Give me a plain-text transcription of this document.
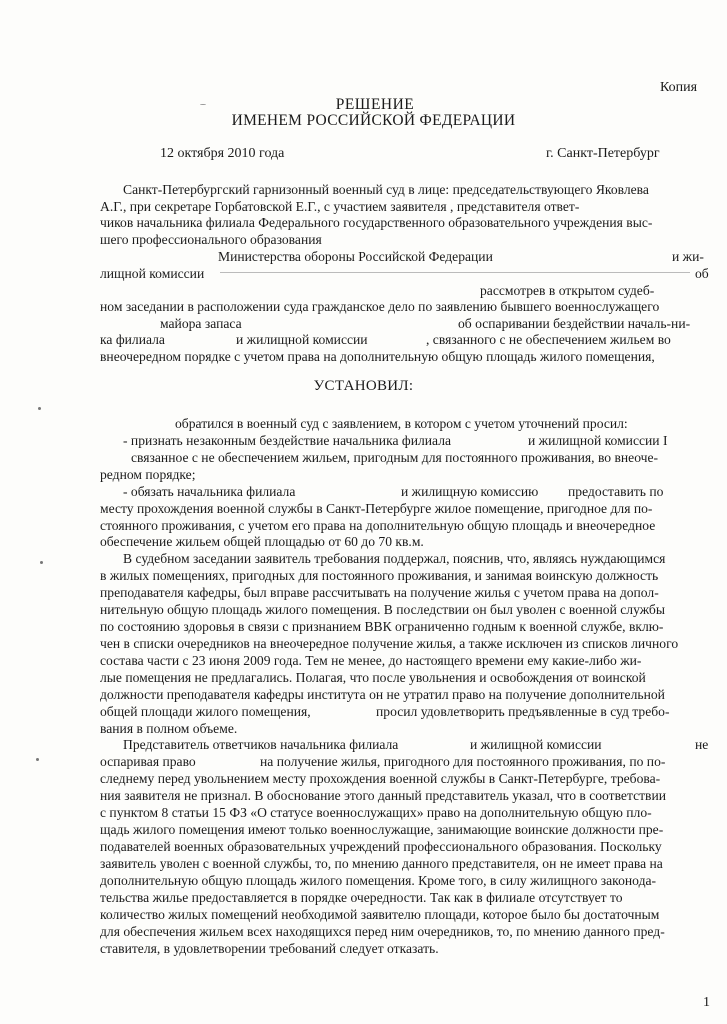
Копия
РЕШЕНИЕ
ИМЕНЕМ РОССИЙСКОЙ ФЕДЕРАЦИИ
12 октября 2010 года	г. Санкт-Петербург
Санкт-Петербургский гарнизонный военный суд в лице: председательствующего Яковлева
А.Г., при секретаре Горбатовской Е.Г., с участием заявителя , представителя ответ-
чиков начальника филиала Федерального государственного образовательного учреждения выс-
шего профессионального образования
Министерства обороны Российской Федерации	и жи-
лищной комиссии	об
рассмотрев в открытом судеб-
ном заседании в расположении суда гражданское дело по заявлению бывшего военнослужащего
майора запаса	об оспаривании бездействии началь-ни-
ка филиала	и жилищной комиссии	, связанного с не обеспечением жильем во
внеочередном порядке с учетом права на дополнительную общую площадь жилого помещения,
УСТАНОВИЛ:
обратился в военный суд с заявлением, в котором с учетом уточнений просил:
- признать незаконным бездействие начальника филиала	и жилищной комиссии I
связанное с не обеспечением жильем, пригодным для постоянного проживания, во внеоче-
редном порядке;
- обязать начальника филиала	и жилищную комиссию предоставить по
месту прохождения военной службы в Санкт-Петербурге жилое помещение, пригодное для по-
стоянного проживания, с учетом его права на дополнительную общую площадь и внеочередное
обеспечение жильем общей площадью от 60 до 70 кв.м.
В судебном заседании заявитель требования поддержал, пояснив, что, являясь нуждающимся
в жилых помещениях, пригодных для постоянного проживания, и занимая воинскую должность
преподавателя кафедры, был вправе рассчитывать на получение жилья с учетом права на допол-
нительную общую площадь жилого помещения. В последствии он был уволен с военной службы
по состоянию здоровья в связи с признанием ВВК ограниченно годным к военной службе, вклю-
чен в списки очередников на внеочередное получение жилья, а также исключен из списков личного
состава части с 23 июня 2009 года. Тем не менее, до настоящего времени ему какие-либо жи-
лые помещения не предлагались. Полагая, что после увольнения и освобождения от воинской
должности преподавателя кафедры института он не утратил право на получение дополнительной
общей площади жилого помещения,	просил удовлетворить предъявленные в суд требо-
вания в полном объеме.
Представитель ответчиков начальника филиала	и жилищной комиссии	не
оспаривая право	на получение жилья, пригодного для постоянного проживания, по по-
следнему перед увольнением месту прохождения военной службы в Санкт-Петербурге, требова-
ния заявителя не признал. В обоснование этого данный представитель указал, что в соответствии
с пунктом 8 статьи 15 ФЗ «О статусе военнослужащих» право на дополнительную общую пло-
щадь жилого помещения имеют только военнослужащие, занимающие воинские должности пре-
подавателей военных образовательных учреждений профессионального образования. Поскольку
заявитель уволен с военной службы, то, по мнению данного представителя, он не имеет права на
дополнительную общую площадь жилого помещения. Кроме того, в силу жилищного законода-
тельства жилье предоставляется в порядке очередности. Так как в филиале отсутствует то
количество жилых помещений необходимой заявителю площади, которое было бы достаточным
для обеспечения жильем всех находящихся перед ним очередников, то, по мнению данного пред-
ставителя, в удовлетворении требований следует отказать.
1
